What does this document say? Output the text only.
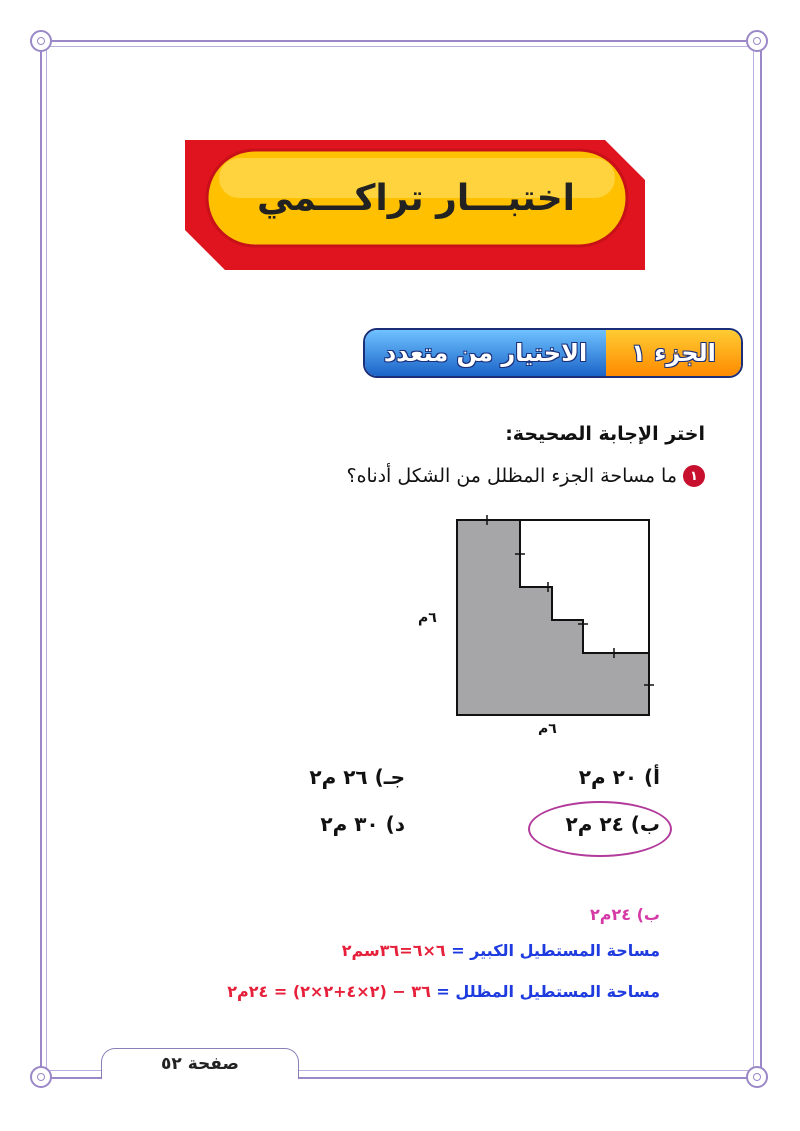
اختبـــار تراكـــمي
الجزء ١
الاختيار من متعدد
اختر الإجابة الصحيحة:
١
ما مساحة الجزء المظلل من الشكل أدناه؟
٦م
٦م
أ) ٢٠ م٢
جـ) ٢٦ م٢
ب) ٢٤ م٢
د) ٣٠ م٢
ب) ٢٤م٢
مساحة المستطيل الكبير = ٦×٦=٣٦سم٢
مساحة المستطيل المظلل = ٣٦ − (٢×٤+٢×٢) = ٢٤م٢
صفحة ٥٢
